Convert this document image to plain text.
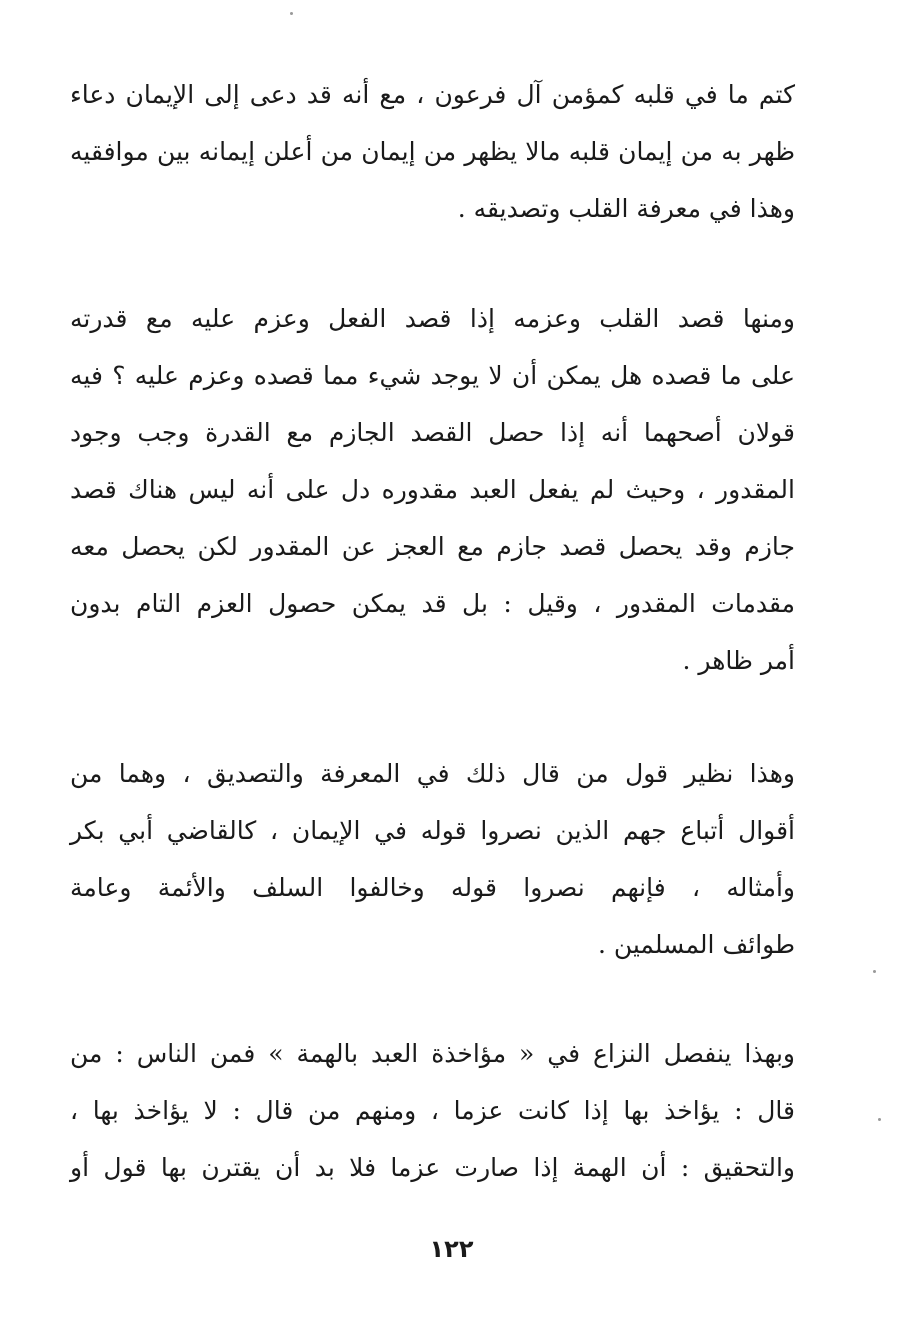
كتم ما في قلبه كمؤمن آل فرعون ، مع أنه قد دعى إلى الإيمان دعاء
ظهر به من إيمان قلبه مالا يظهر من إيمان من أعلن إيمانه بين موافقيه
وهذا في معرفة القلب وتصديقه .
ومنها قصد القلب وعزمه إذا قصد الفعل وعزم عليه مع قدرته
على ما قصده هل يمكن أن لا يوجد شيء مما قصده وعزم عليه ؟ فيه
قولان أصحهما أنه إذا حصل القصد الجازم مع القدرة وجب وجود
المقدور ، وحيث لم يفعل العبد مقدوره دل على أنه ليس هناك قصد
جازم وقد يحصل قصد جازم مع العجز عن المقدور لكن يحصل معه
مقدمات المقدور ، وقيل : بل قد يمكن حصول العزم التام بدون
أمر ظاهر .
وهذا نظير قول من قال ذلك في المعرفة والتصديق ، وهما من
أقوال أتباع جهم الذين نصروا قوله في الإيمان ، كالقاضي أبي بكر
وأمثاله ، فإنهم نصروا قوله وخالفوا السلف والأئمة وعامة
طوائف المسلمين .
وبهذا ينفصل النزاع في « مؤاخذة العبد بالهمة » فمن الناس : من
قال : يؤاخذ بها إذا كانت عزما ، ومنهم من قال : لا يؤاخذ بها ،
والتحقيق : أن الهمة إذا صارت عزما فلا بد أن يقترن بها قول أو
١٢٢
